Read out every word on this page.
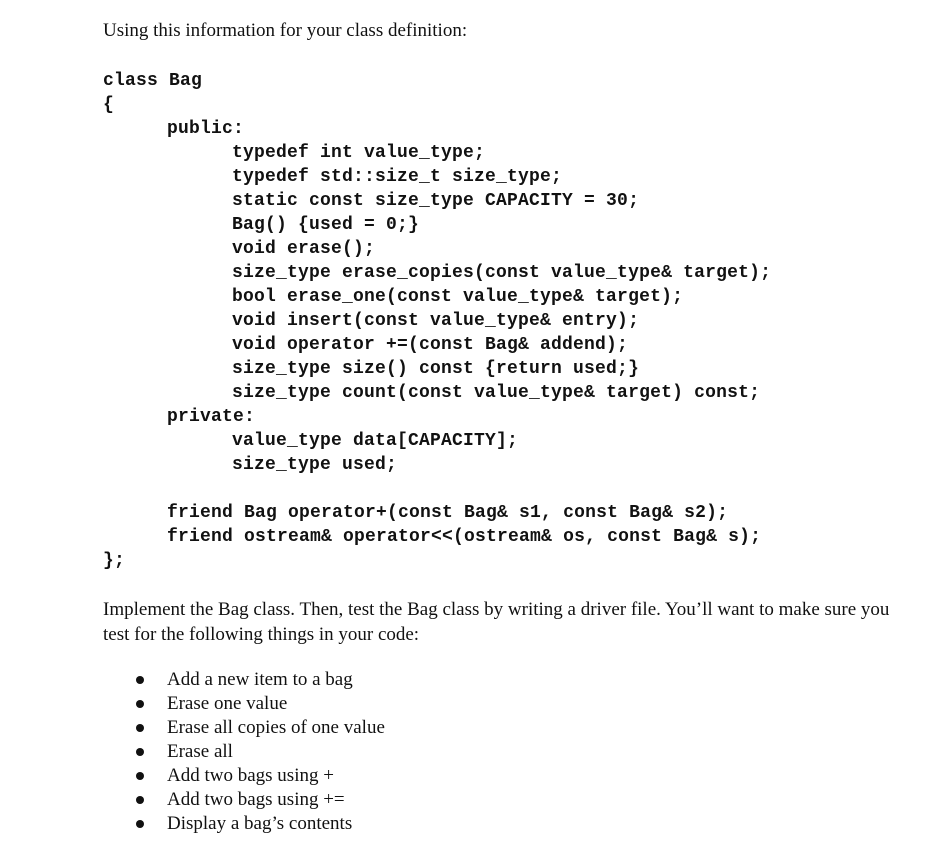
Using this information for your class definition:
class Bag
{
public:
typedef int value_type;
typedef std::size_t size_type;
static const size_type CAPACITY = 30;
Bag() {used = 0;}
void erase();
size_type erase_copies(const value_type& target);
bool erase_one(const value_type& target);
void insert(const value_type& entry);
void operator +=(const Bag& addend);
size_type size() const {return used;}
size_type count(const value_type& target) const;
private:
value_type data[CAPACITY];
size_type used;
friend Bag operator+(const Bag& s1, const Bag& s2);
friend ostream& operator<<(ostream& os, const Bag& s);
};
Implement the Bag class. Then, test the Bag class by writing a driver file. You’ll want to make sure you test for the following things in your code:
Add a new item to a bag
Erase one value
Erase all copies of one value
Erase all
Add two bags using +
Add two bags using +=
Display a bag’s contents
